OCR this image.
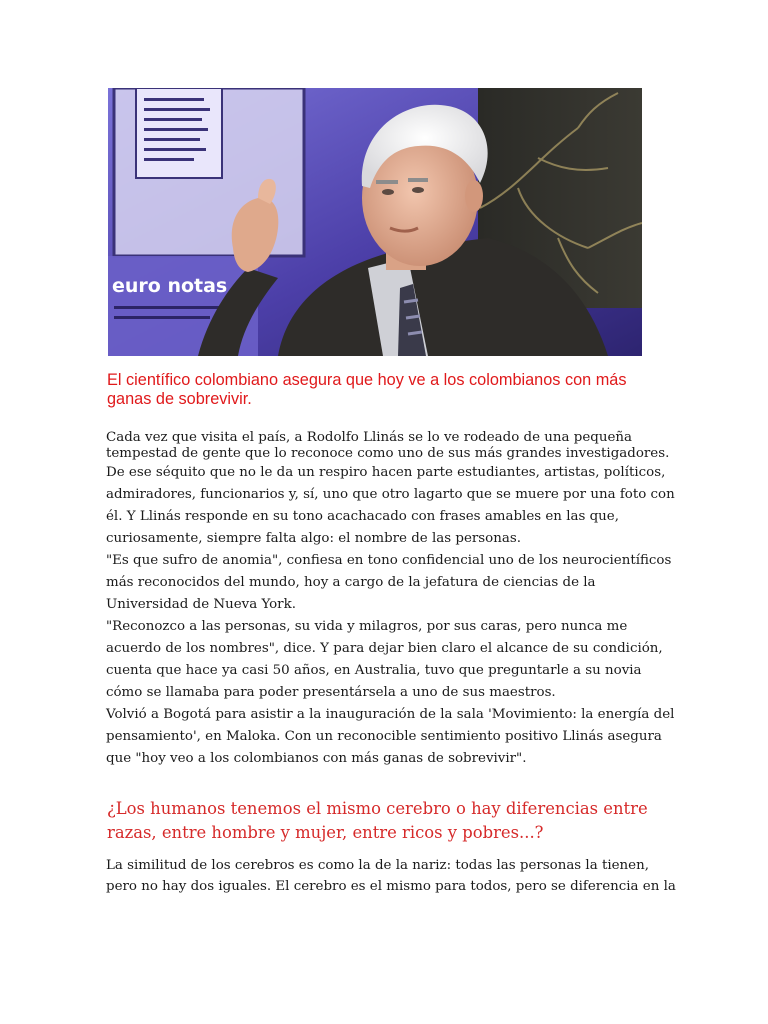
euro notas
El científico colombiano asegura que hoy ve a los colombianos con más ganas de sobrevivir.

Cada vez que visita el país, a Rodolfo Llinás se lo ve rodeado de una pequeña tempestad de gente que lo reconoce como uno de sus más grandes investigadores.

De ese séquito que no le da un respiro hacen parte estudiantes, artistas, políticos, admiradores, funcionarios y, sí, uno que otro lagarto que se muere por una foto con él. Y Llinás responde en su tono acachacado con frases amables en las que, curiosamente, siempre falta algo: el nombre de las personas.

"Es que sufro de anomia", confiesa en tono confidencial uno de los neurocientíficos más reconocidos del mundo, hoy a cargo de la jefatura de ciencias de la Universidad de Nueva York.

"Reconozco a las personas, su vida y milagros, por sus caras, pero nunca me acuerdo de los nombres", dice. Y para dejar bien claro el alcance de su condición, cuenta que hace ya casi 50 años, en Australia, tuvo que preguntarle a su novia cómo se llamaba para poder presentársela a uno de sus maestros.

Volvió a Bogotá para asistir a la inauguración de la sala 'Movimiento: la energía del pensamiento', en Maloka. Con un reconocible sentimiento positivo Llinás asegura que "hoy veo a los colombianos con más ganas de sobrevivir".

¿Los humanos tenemos el mismo cerebro o hay diferencias entre razas, entre hombre y mujer, entre ricos y pobres...?

La similitud de los cerebros es como la de la nariz: todas las personas la tienen, pero no hay dos iguales. El cerebro es el mismo para todos, pero se diferencia en la
